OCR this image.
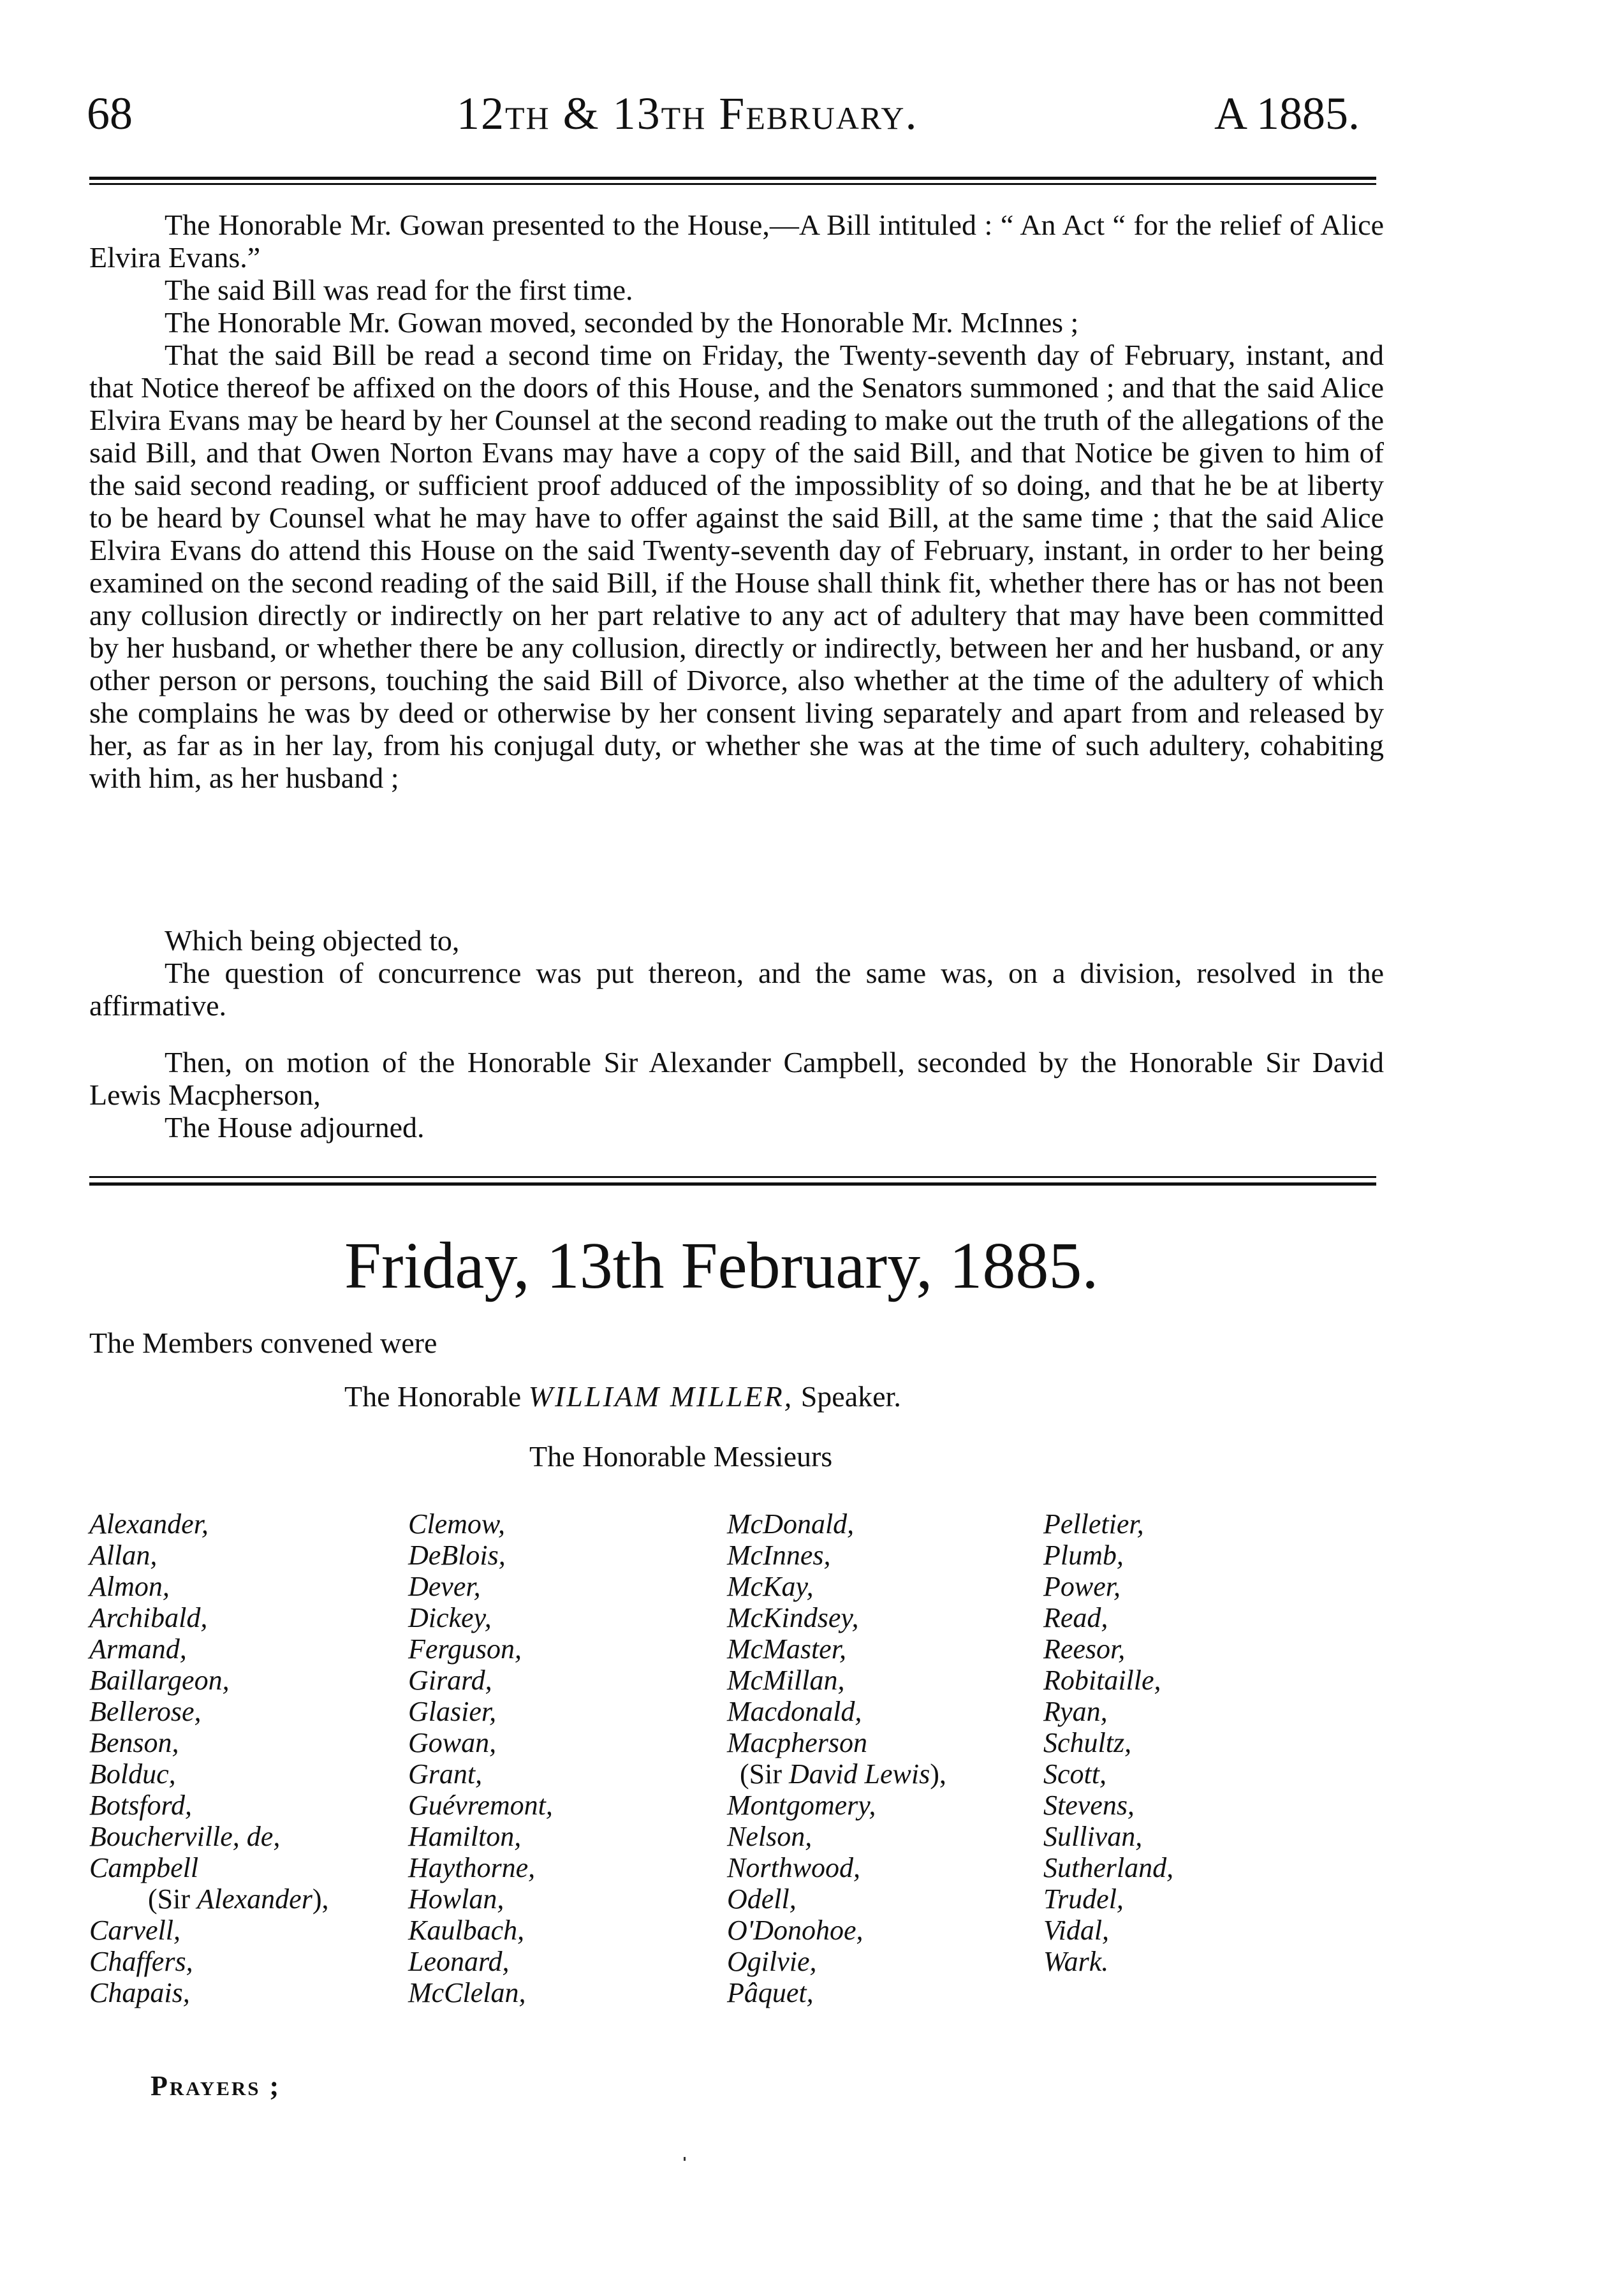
68	12th & 13th February.	A 1885.
The Honorable Mr. Gowan presented to the House,—A Bill intituled : “ An Act “ for the relief of Alice Elvira Evans.”
The said Bill was read for the first time.
The Honorable Mr. Gowan moved, seconded by the Honorable Mr. McInnes ;
That the said Bill be read a second time on Friday, the Twenty-seventh day of February, instant, and that Notice thereof be affixed on the doors of this House, and the Senators summoned ; and that the said Alice Elvira Evans may be heard by her Counsel at the second reading to make out the truth of the allegations of the said Bill, and that Owen Norton Evans may have a copy of the said Bill, and that Notice be given to him of the said second reading, or sufficient proof adduced of the impossiblity of so doing, and that he be at liberty to be heard by Counsel what he may have to offer against the said Bill, at the same time ; that the said Alice Elvira Evans do attend this House on the said Twenty-seventh day of February, instant, in order to her being examined on the second reading of the said Bill, if the House shall think fit, whether there has or has not been any collusion directly or indirectly on her part relative to any act of adultery that may have been committed by her husband, or whether there be any collusion, directly or indirectly, between her and her husband, or any other person or persons, touching the said Bill of Divorce, also whether at the time of the adultery of which she complains he was by deed or otherwise by her consent living separately and apart from and released by her, as far as in her lay, from his conjugal duty, or whether she was at the time of such adultery, cohabiting with him, as her husband ;
Which being objected to,
The question of concurrence was put thereon, and the same was, on a division, resolved in the affirmative.
Then, on motion of the Honorable Sir Alexander Campbell, seconded by the Honorable Sir David Lewis Macpherson,
The House adjourned.
Friday, 13th February, 1885.
The Members convened were
The Honorable WILLIAM MILLER, Speaker.
The Honorable Messieurs
Alexander,
Allan,
Almon,
Archibald,
Armand,
Baillargeon,
Bellerose,
Benson,
Bolduc,
Botsford,
Boucherville, de,
Campbell
(Sir Alexander),
Carvell,
Chaffers,
Chapais,
Clemow,
DeBlois,
Dever,
Dickey,
Ferguson,
Girard,
Glasier,
Gowan,
Grant,
Guévremont,
Hamilton,
Haythorne,
Howlan,
Kaulbach,
Leonard,
McClelan,
McDonald,
McInnes,
McKay,
McKindsey,
McMaster,
McMillan,
Macdonald,
Macpherson
(Sir David Lewis),
Montgomery,
Nelson,
Northwood,
Odell,
O'Donohoe,
Ogilvie,
Pâquet,
Pelletier,
Plumb,
Power,
Read,
Reesor,
Robitaille,
Ryan,
Schultz,
Scott,
Stevens,
Sullivan,
Sutherland,
Trudel,
Vidal,
Wark.
Prayers ;
